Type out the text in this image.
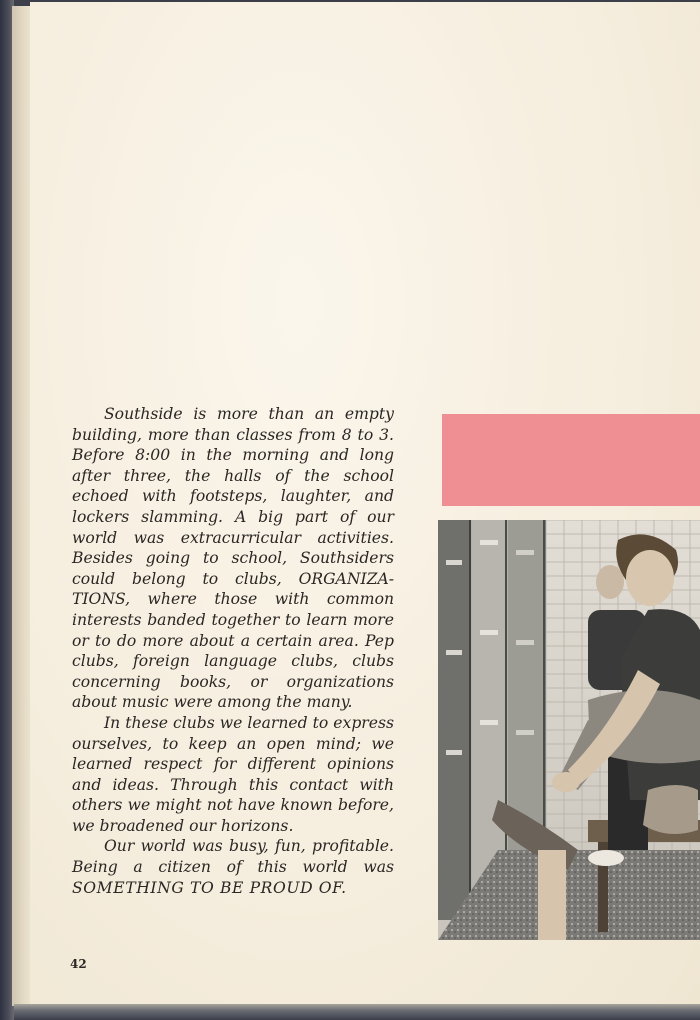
Southside is more than an empty building, more than classes from 8 to 3. Before 8:00 in the morning and long after three, the halls of the school echoed with footsteps, laughter, and lockers slamming. A big part of our world was extracurricular activities. Besides going to school, Southsiders could belong to clubs, ORGANIZATIONS, where those with common interests banded together to learn more or to do more about a certain area. Pep clubs, foreign language clubs, clubs concerning books, or organizations about music were among the many.

In these clubs we learned to express ourselves, to keep an open mind; we learned respect for different opinions and ideas. Through this contact with others we might not have known before, we broadened our horizons.

Our world was busy, fun, profitable. Being a citizen of this world was SOMETHING TO BE PROUD OF.

42
